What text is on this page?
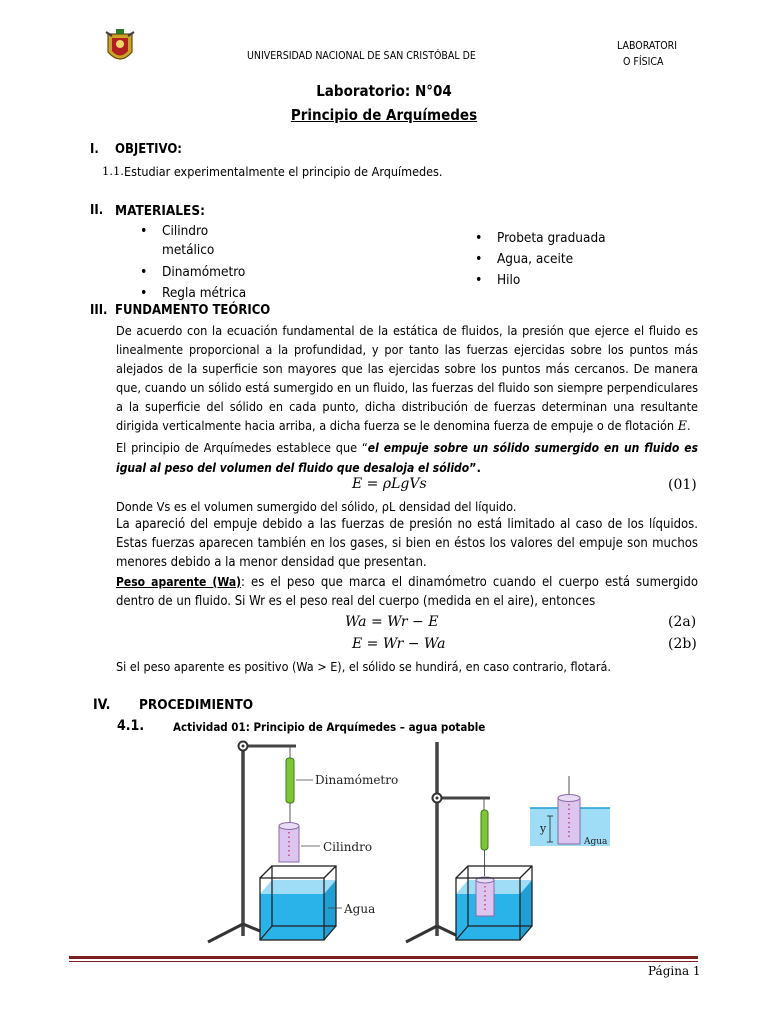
UNIVERSIDAD NACIONAL DE SAN CRISTÓBAL DE
LABORATORI
O FÍSICA
Laboratorio: N°04
Principio de Arquímedes
I. OBJETIVO:
1.1. Estudiar experimentalmente el principio de Arquímedes.
II. MATERIALES:
• Cilindro metálico
• Dinamómetro
• Regla métrica
• Probeta graduada
• Agua, aceite
• Hilo
III. FUNDAMENTO TEÓRICO
De acuerdo con la ecuación fundamental de la estática de fluidos, la presión que ejerce el fluido es linealmente proporcional a la profundidad, y por tanto las fuerzas ejercidas sobre los puntos más alejados de la superficie son mayores que las ejercidas sobre los puntos más cercanos. De manera que, cuando un sólido está sumergido en un fluido, las fuerzas del fluido son siempre perpendiculares a la superficie del sólido en cada punto, dicha distribución de fuerzas determinan una resultante dirigida verticalmente hacia arriba, a dicha fuerza se le denomina fuerza de empuje o de flotación E.
El principio de Arquímedes establece que “el empuje sobre un sólido sumergido en un fluido es igual al peso del volumen del fluido que desaloja el sólido”.
E = ρLgVs	(01)
Donde Vs es el volumen sumergido del sólido, ρL densidad del líquido.
La apareció del empuje debido a las fuerzas de presión no está limitado al caso de los líquidos. Estas fuerzas aparecen también en los gases, si bien en éstos los valores del empuje son muchos menores debido a la menor densidad que presentan.
Peso aparente (Wa): es el peso que marca el dinamómetro cuando el cuerpo está sumergido dentro de un fluido. Si Wr es el peso real del cuerpo (medida en el aire), entonces
Wa = Wr − E	(2a)
E = Wr − Wa	(2b)
Si el peso aparente es positivo (Wa > E), el sólido se hundirá, en caso contrario, flotará.
IV. PROCEDIMIENTO
4.1.	Actividad 01: Principio de Arquímedes – agua potable
Dinamómetro
Cilindro
Agua
y
Agua
Página 1
